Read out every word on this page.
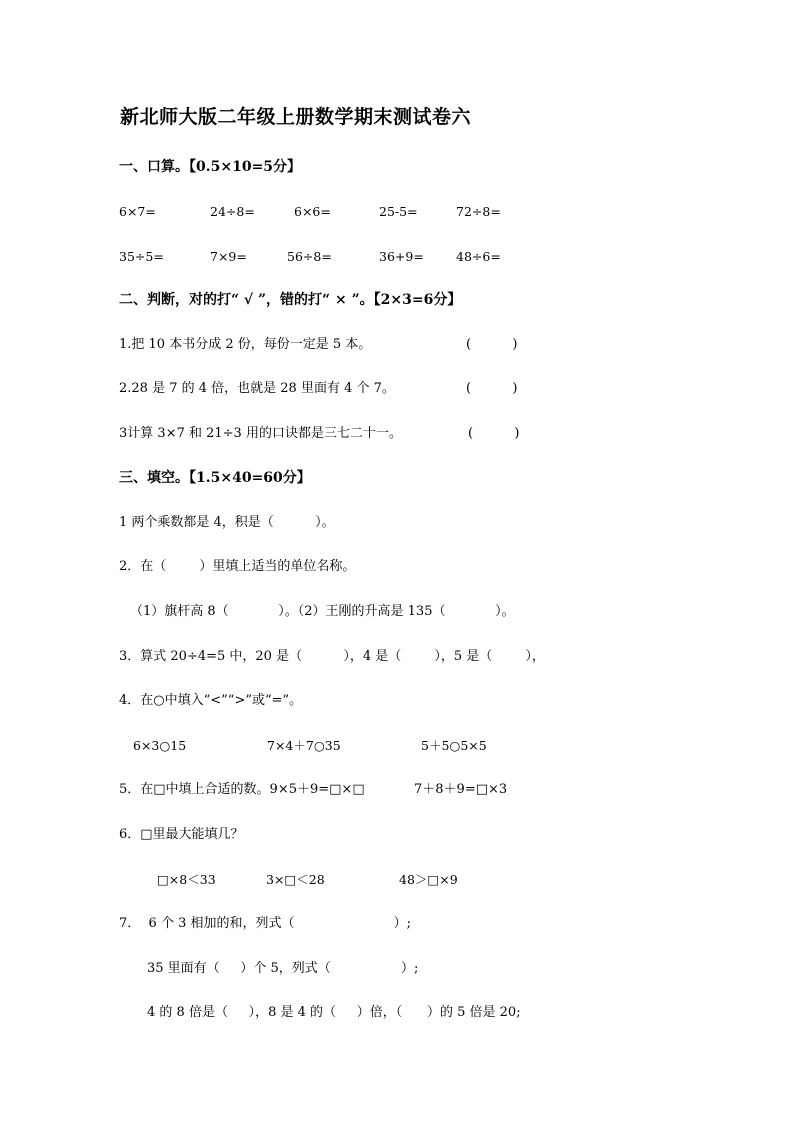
新北师大版二年级上册数学期末测试卷六
一、口算。【0.5×10=5分】
6×7=	24÷8=	6×6=	25-5=	72÷8=
35÷5=	7×9=	56÷8=	36+9=	48÷6=
二、判断，对的打“ √ ”，错的打“ × ”。【2×3=6分】
1.把 10 本书分成 2 份，每份一定是 5 本。	(          )
2.28 是 7 的 4 倍，也就是 28 里面有 4 个 7。	(          )
3计算 3×7 和 21÷3 用的口诀都是三七二十一。	(          )
三、填空。【1.5×40=60分】
1 两个乘数都是 4，积是（          ）。
2．在（        ）里填上适当的单位名称。
（1）旗杆高 8（            ）。（2）王刚的升高是 135（            ）。
3．算式 20÷4=5 中，20 是（          ），4 是（        ），5 是（        ），
4．在○中填入“<”“>”或“=”。
6×3○15	7×4＋7○35	5＋5○5×5
5．在□中填上合适的数。9×5＋9=□×□	7＋8＋9=□×3
6．□里最大能填几？
□×8＜33	3×□＜28	48＞□×9
7．  6 个 3 相加的和，列式（                        ）;
35 里面有（     ）个 5，列式（                 ）;
4 的 8 倍是（     ），8 是 4 的（     ）倍，（      ）的 5 倍是 20;
